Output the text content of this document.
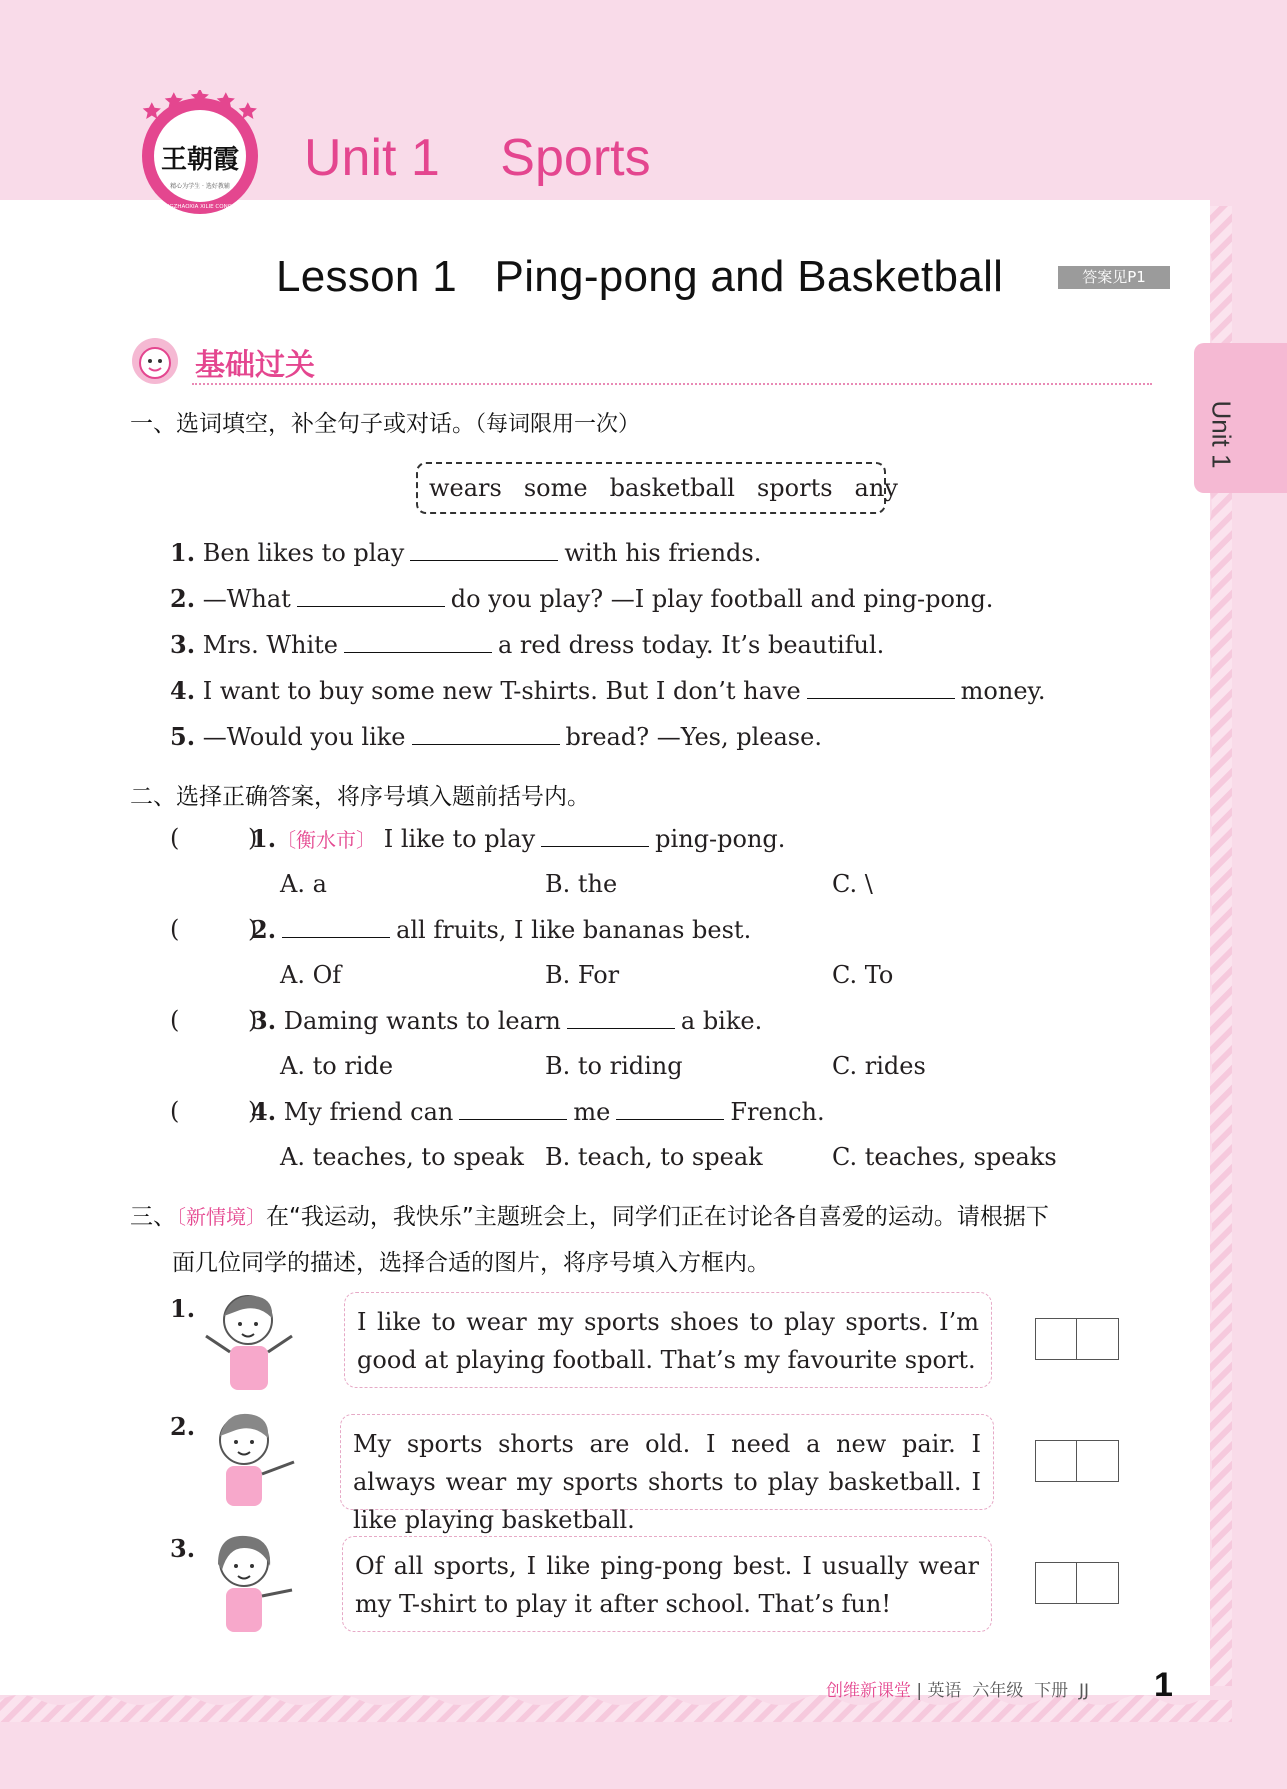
王朝霞
精心为学生 · 选好教辅
WANGZHAOXIA XILIE CONGSHU
Unit 1 Sports
Lesson 1   Ping-pong and Basketball	答案见P1
Unit 1
基础过关
一、选词填空，补全句子或对话。（每词限用一次）
wears some basketball sports any
1. Ben likes to play	with his friends.
2. —What	do you play? —I play football and ping-pong.
3. Mrs. White	a red dress today. It’s beautiful.
4. I want to buy some new T-shirts. But I don’t have	money.
5. —Would you like	bread? —Yes, please.
二、选择正确答案，将序号填入题前括号内。
(         )
1.〔衡水市〕 I like to play	ping-pong.
A. a	B. the	C. \
(         )
2.	all fruits, I like bananas best.
A. Of	B. For	C. To
(         )
3. Daming wants to learn	a bike.
A. to ride	B. to riding	C. rides
(         )
4. My friend can	me	French.
A. teaches, to speak B. teach, to speak	C. teaches, speaks
三、〔新情境〕在“我运动，我快乐”主题班会上，同学们正在讨论各自喜爱的运动。请根据下
面几位同学的描述，选择合适的图片，将序号填入方框内。
1.	I like to wear my sports shoes to play sports. I’m good at playing football. That’s my favourite sport.
2.
My sports shorts are old. I need a new pair. I always wear my sports shorts to play basketball. I like playing basketball.
3.
Of all sports, I like ping-pong best. I usually wear my T-shirt to play it after school. That’s fun!
创维新课堂 | 英语  六年级  下册  JJ 1
